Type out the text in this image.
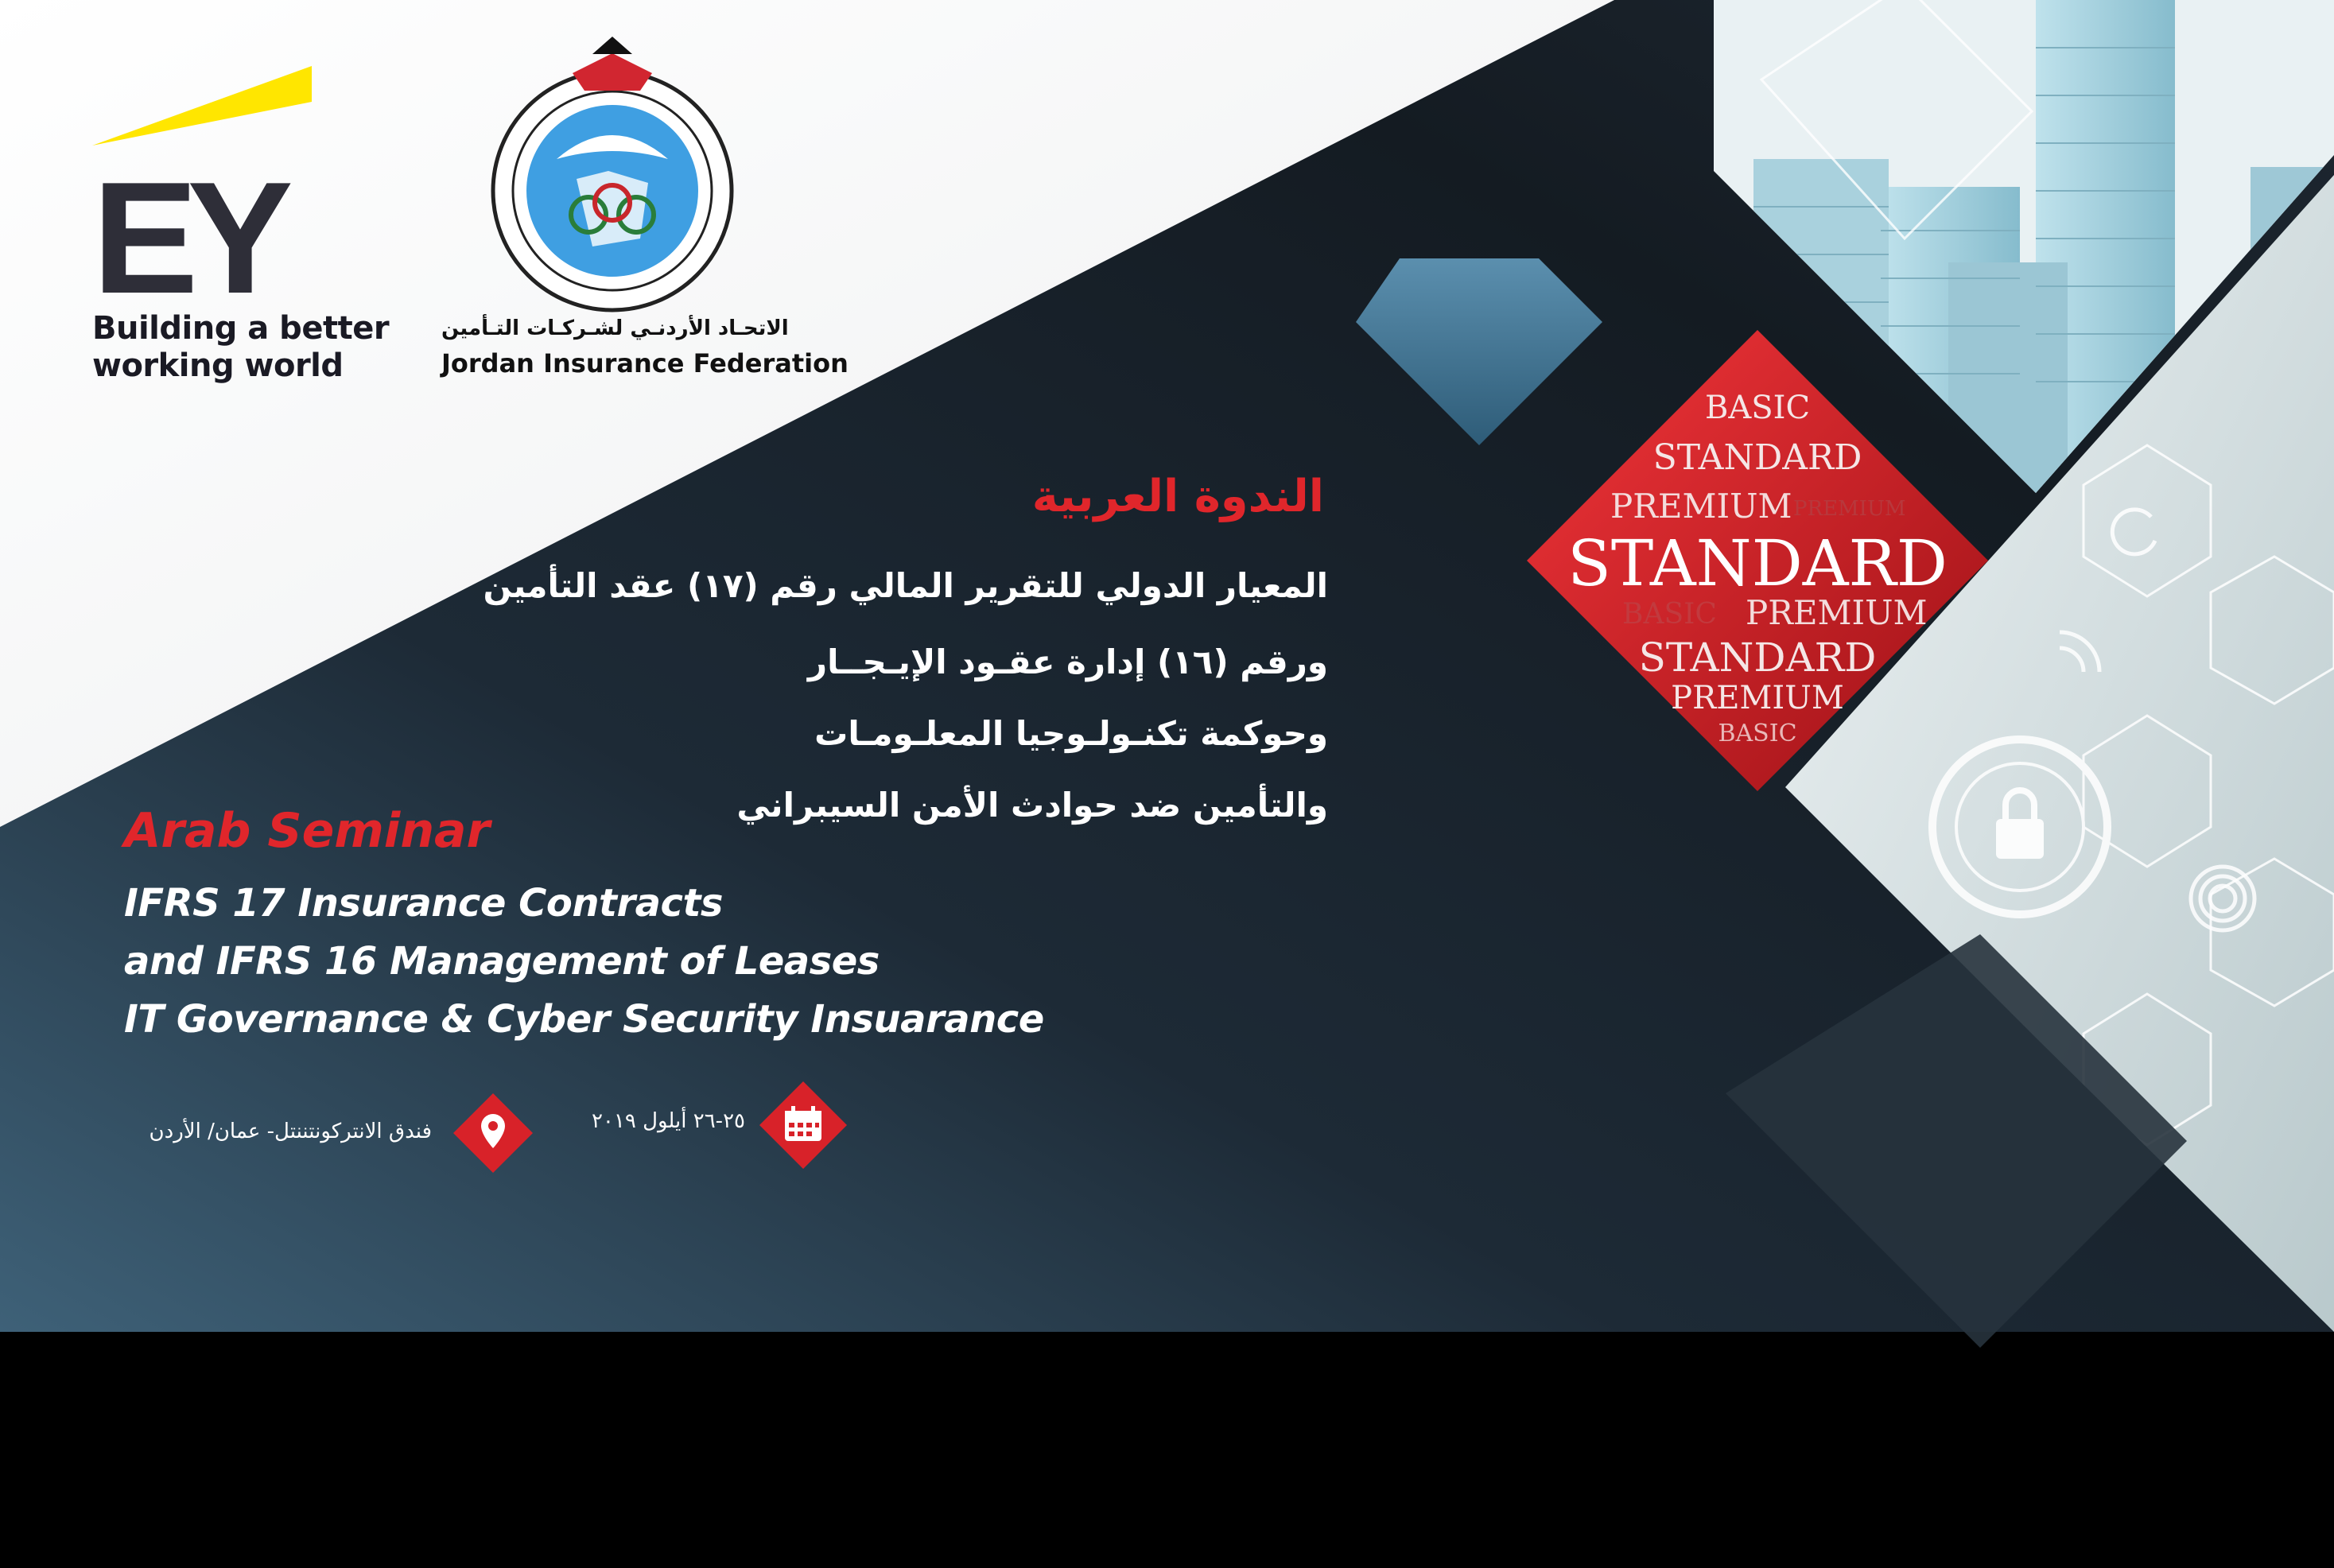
EY
Building a better
working world
الاتحـاد الأردنـي لشـركـات التـأمين
Jordan Insurance Federation
الندوة العربية
المعيار الدولي للتقرير المالي رقم (١٧) عقد التأمين
ورقم (١٦) إدارة عقـود الإيـجــار
وحوكمة تكنـولـوجيا المعلـومـات
والتأمين ضد حوادث الأمن السيبراني
Arab Seminar
IFRS 17 Insurance Contracts
and IFRS 16 Management of Leases
IT Governance & Cyber Security Insuarance
فندق الانتركونتننتل- عمان/ الأردن	٢٥-٢٦ أيلول ٢٠١٩
BASIC
STANDARD
PREMIUM PREMIUM
STANDARD
BASIC PREMIUM
STANDARD
PREMIUM
BASIC
